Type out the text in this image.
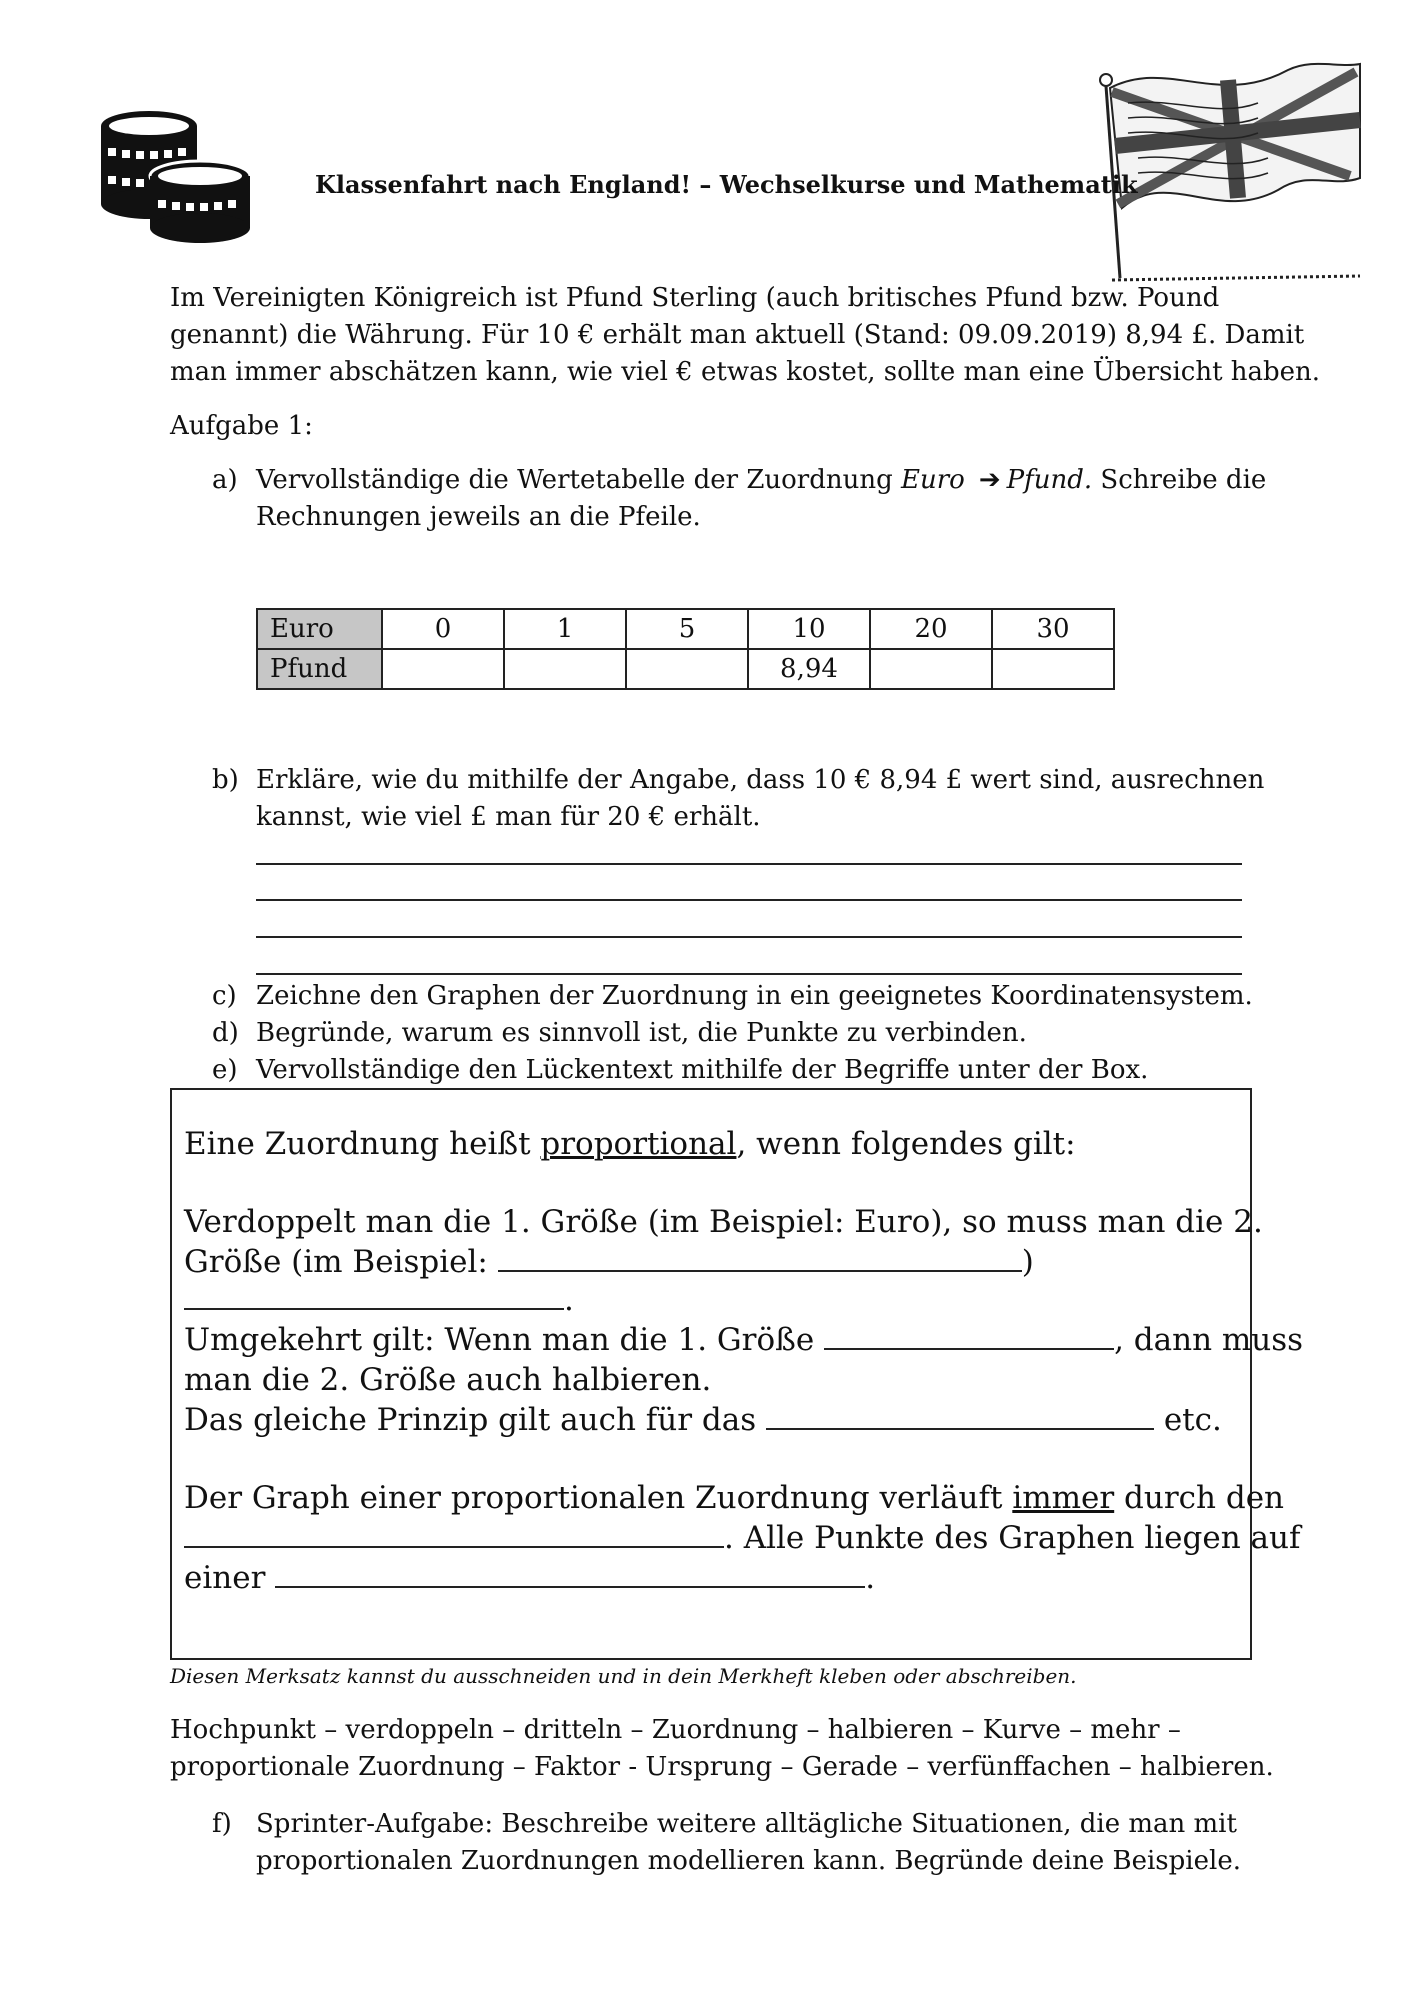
Klassenfahrt nach England! – Wechselkurse und Mathematik
Im Vereinigten Königreich ist Pfund Sterling (auch britisches Pfund bzw. Pound
genannt) die Währung. Für 10 € erhält man aktuell (Stand: 09.09.2019) 8,94 £. Damit
man immer abschätzen kann, wie viel € etwas kostet, sollte man eine Übersicht haben.
Aufgabe 1:
a) Vervollständige die Wertetabelle der Zuordnung Euro ➔ Pfund. Schreibe die
Rechnungen jeweils an die Pfeile.
Euro	0	1	5	10	20	30
Pfund				8,94		
b) Erkläre, wie du mithilfe der Angabe, dass 10 € 8,94 £ wert sind, ausrechnen
kannst, wie viel £ man für 20 € erhält.
c) Zeichne den Graphen der Zuordnung in ein geeignetes Koordinatensystem.
d) Begründe, warum es sinnvoll ist, die Punkte zu verbinden.
e) Vervollständige den Lückentext mithilfe der Begriffe unter der Box.
Eine Zuordnung heißt proportional, wenn folgendes gilt:
Verdoppelt man die 1. Größe (im Beispiel: Euro), so muss man die 2.
Größe (im Beispiel:	)
.
Umgekehrt gilt: Wenn man die 1. Größe	, dann muss
man die 2. Größe auch halbieren.
Das gleiche Prinzip gilt auch für das	etc.
Der Graph einer proportionalen Zuordnung verläuft immer durch den
. Alle Punkte des Graphen liegen auf
einer	.
Diesen Merksatz kannst du ausschneiden und in dein Merkheft kleben oder abschreiben.
Hochpunkt – verdoppeln – dritteln – Zuordnung – halbieren – Kurve – mehr –
proportionale Zuordnung – Faktor - Ursprung – Gerade – verfünffachen – halbieren.
f) Sprinter-Aufgabe: Beschreibe weitere alltägliche Situationen, die man mit
proportionalen Zuordnungen modellieren kann. Begründe deine Beispiele.
